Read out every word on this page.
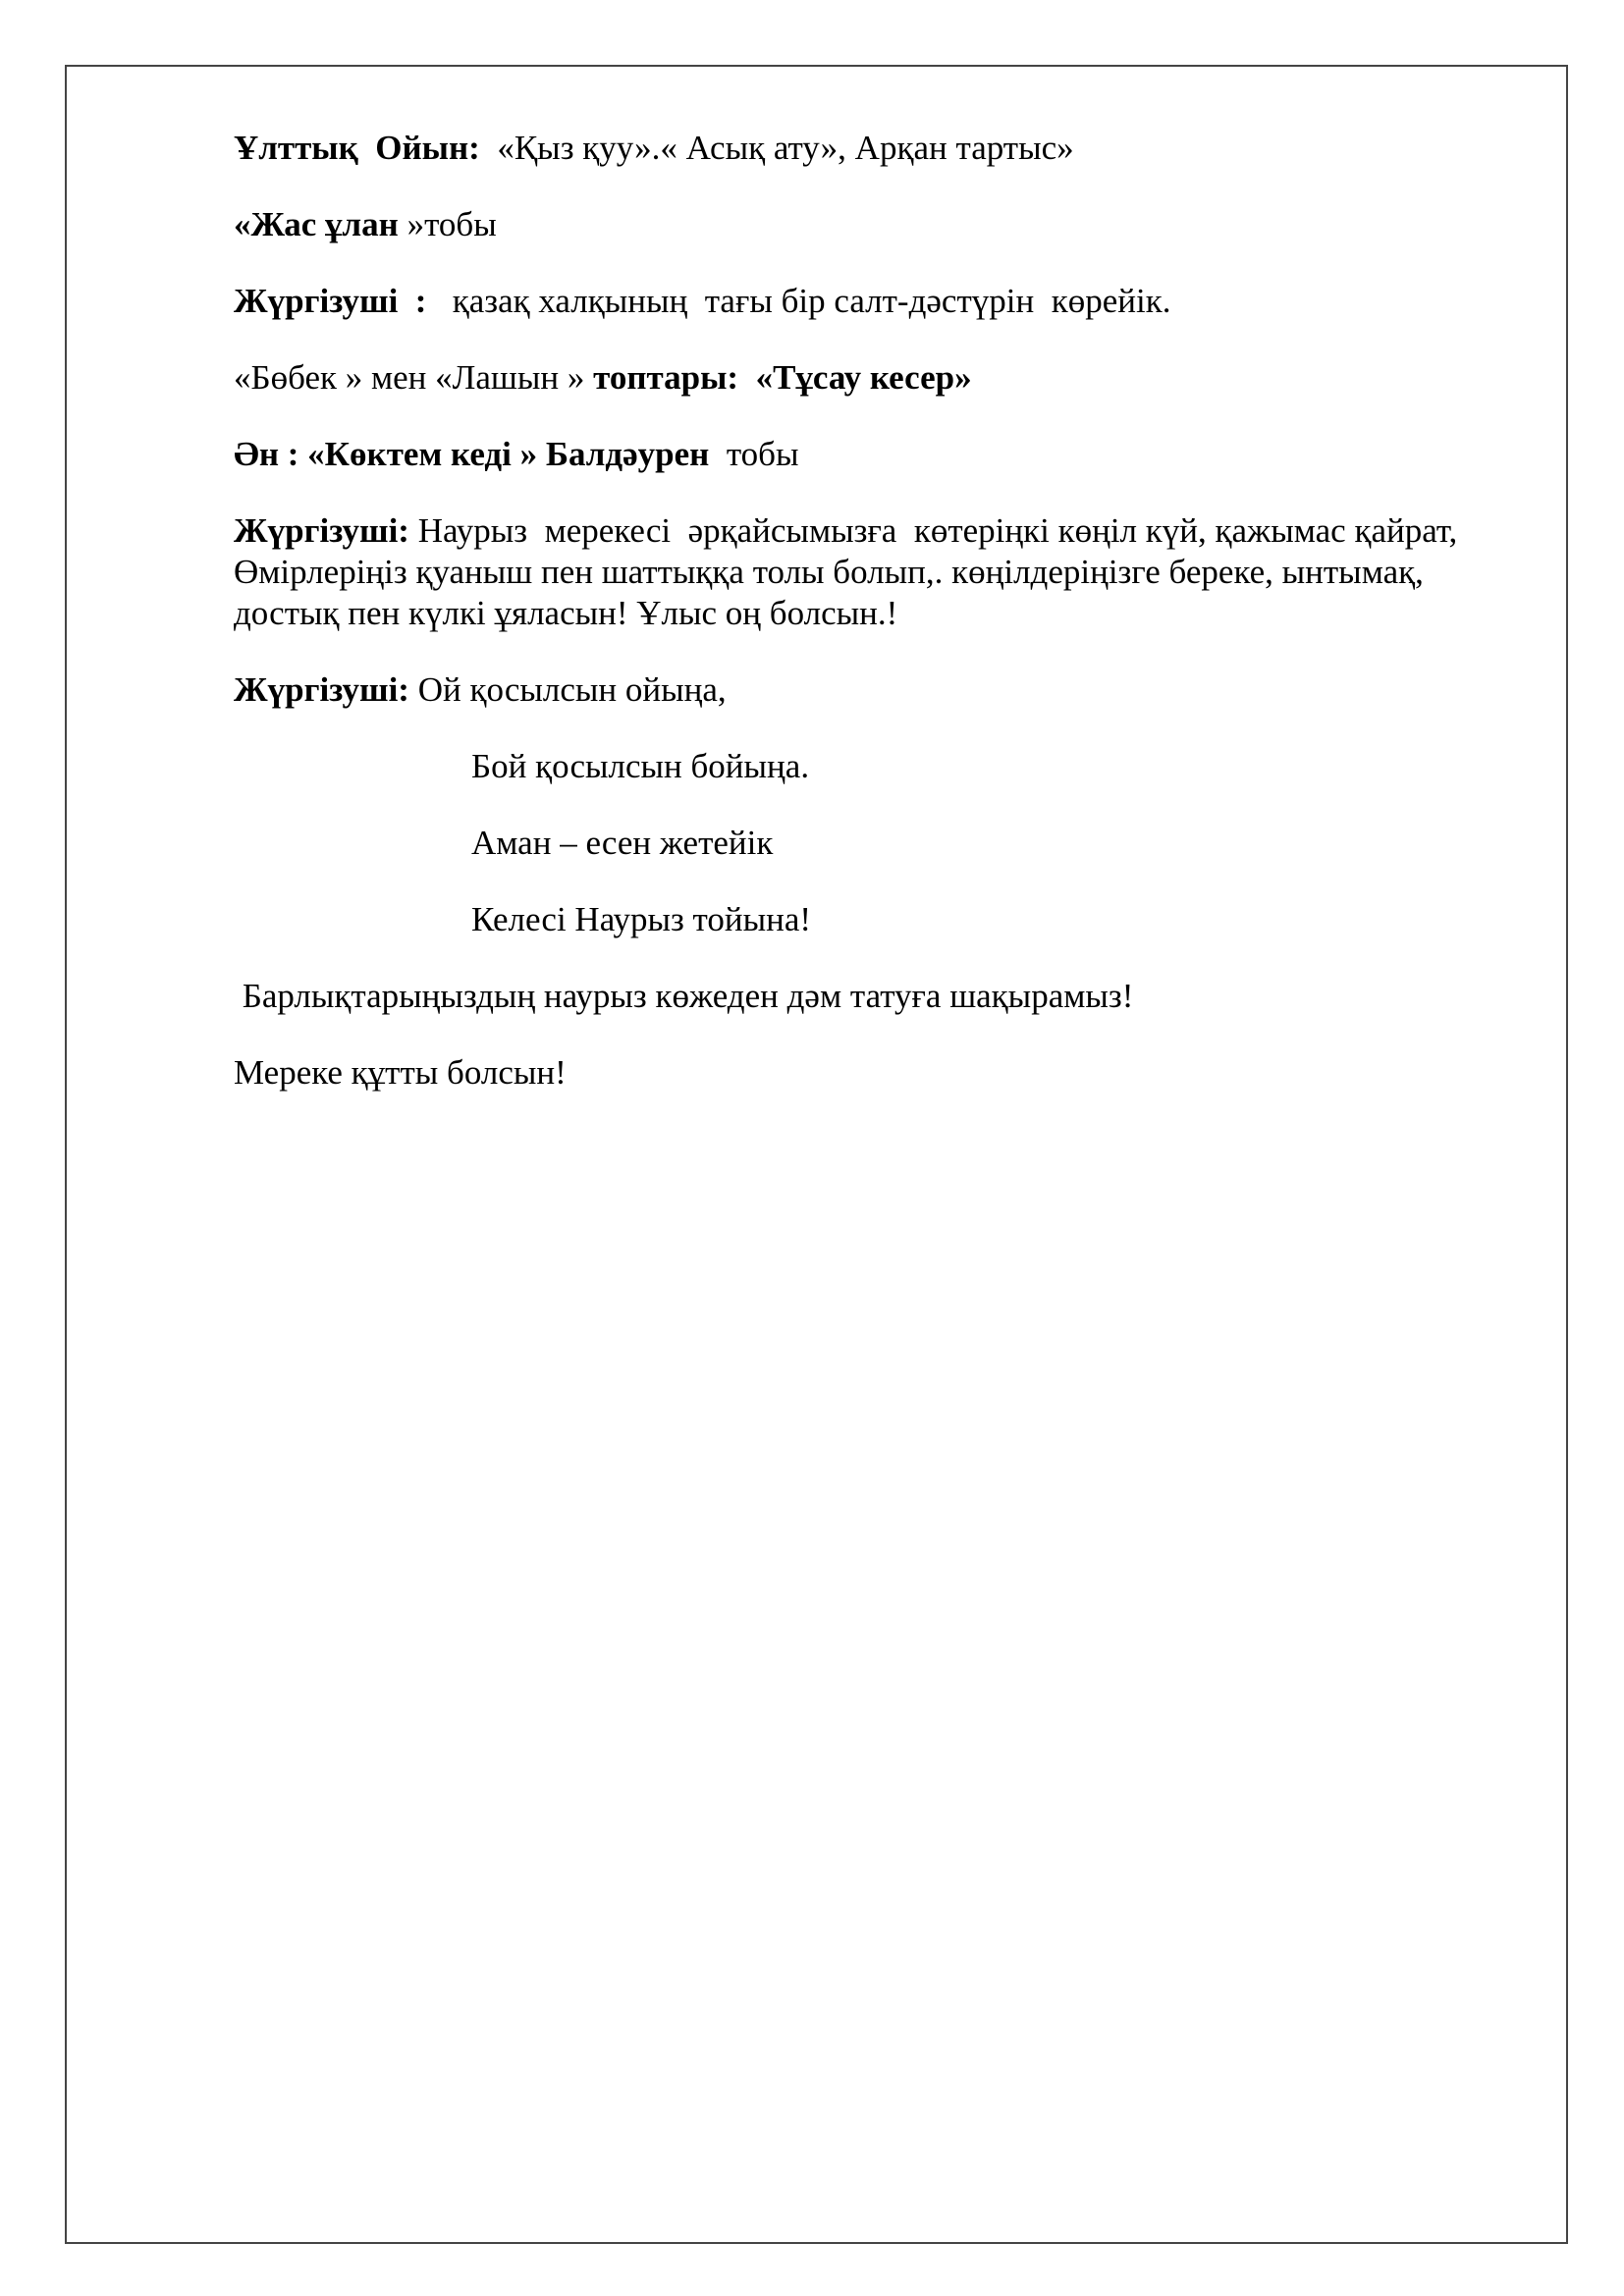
Ұлттық  Ойын:  «Қыз қуу».« Асық ату», Арқан тартыс»

«Жас ұлан »тобы

Жүргізуші  :   қазақ халқының  тағы бір салт-дәстүрін  көрейік.

«Бөбек » мен «Лашын » топтары:  «Тұсау кесер»

Ән : «Көктем кеді » Балдәурен  тобы

Жүргізуші: Наурыз  мерекесі  әрқайсымызға  көтеріңкі көңіл күй, қажымас қайрат, Өмірлеріңіз қуаныш пен шаттыққа толы болып,. көңілдеріңізге береке, ынтымақ, достық пен күлкі ұяласын! Ұлыс оң болсын.!

Жүргізуші: Ой қосылсын ойыңа,
Бой қосылсын бойыңа.
Аман – есен жетейік
Келесі Наурыз тойына!

Барлықтарыңыздың наурыз көжеден дәм татуға шақырамыз!

Мереке құтты болсын!
